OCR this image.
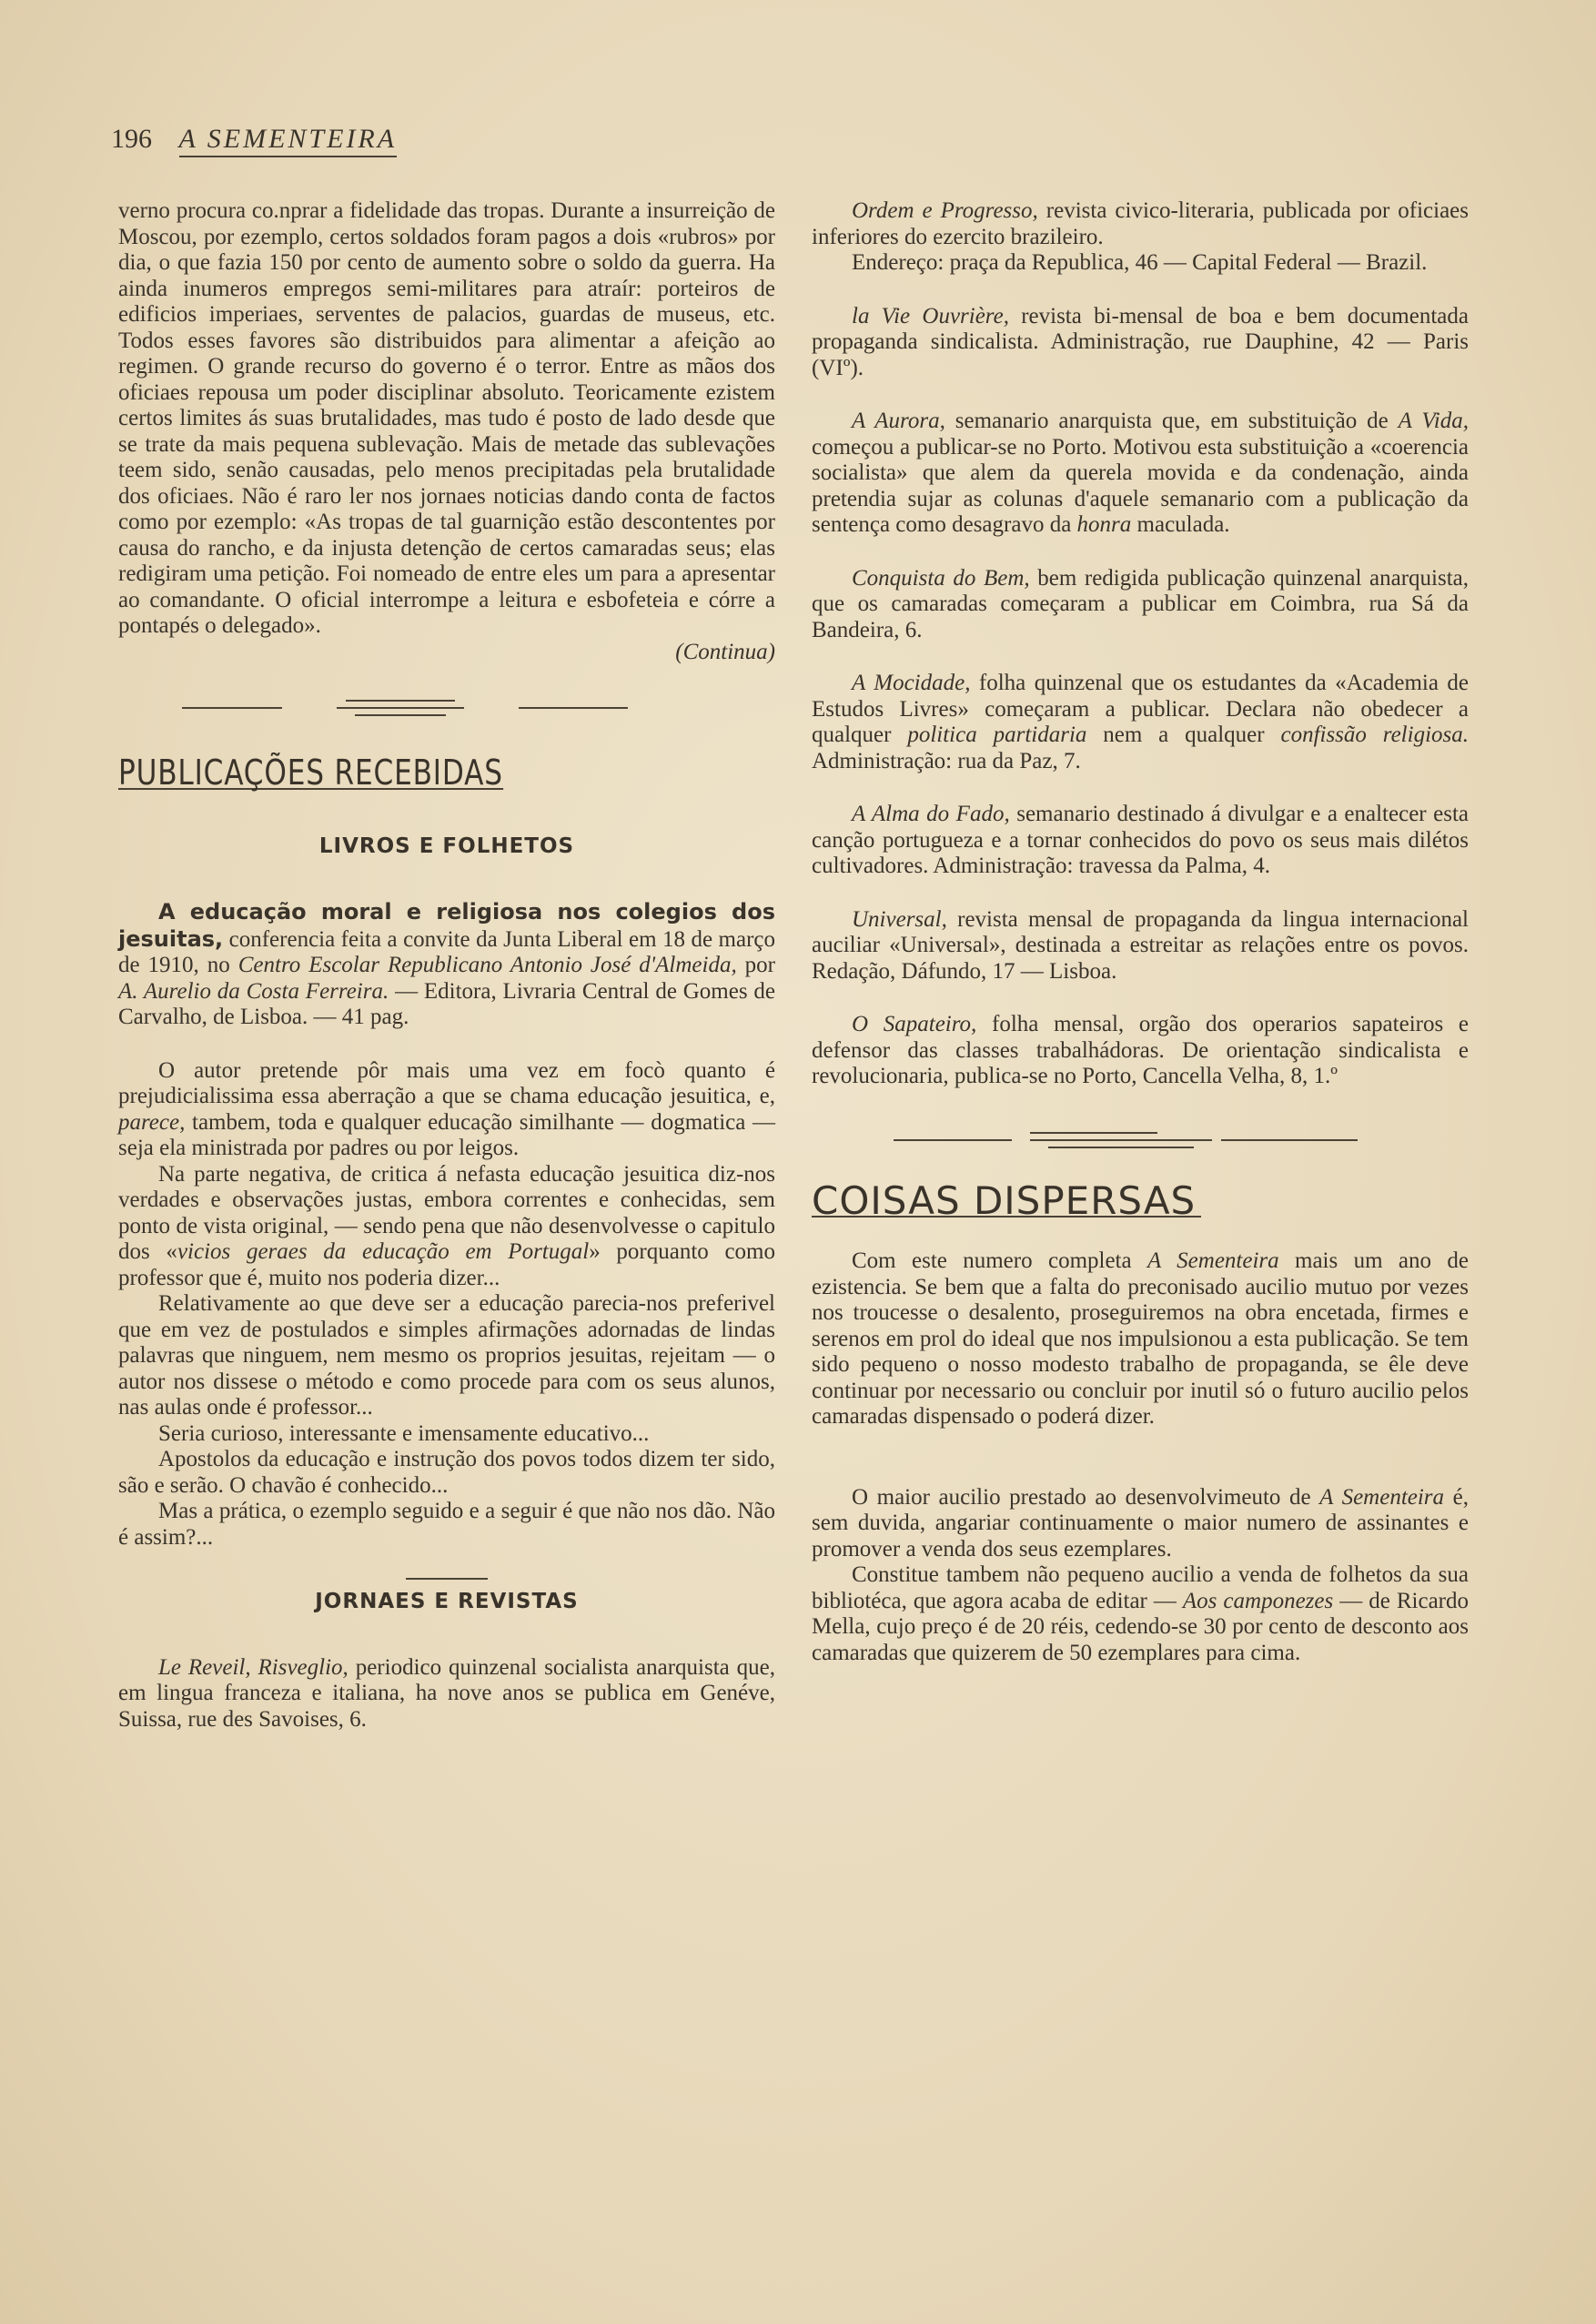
196 A SEMENTEIRA

verno procura co.nprar a fidelidade das tropas. Durante a insurreição de Moscou, por ezemplo, certos soldados foram pagos a dois «rubros» por dia, o que fazia 150 por cento de aumento sobre o soldo da guerra. Ha ainda inumeros empregos semi-militares para atraír: porteiros de edificios imperiaes, serventes de palacios, guardas de museus, etc. Todos esses favores são distribuidos para alimentar a afeição ao regimen. O grande recurso do governo é o terror. Entre as mãos dos oficiaes repousa um poder disciplinar absoluto. Teoricamente ezistem certos limites ás suas brutalidades, mas tudo é posto de lado desde que se trate da mais pequena sublevação. Mais de metade das sublevações teem sido, senão causadas, pelo menos precipitadas pela brutalidade dos oficiaes. Não é raro ler nos jornaes noticias dando conta de factos como por ezemplo: «As tropas de tal guarnição estão descontentes por causa do rancho, e da injusta detenção de certos camaradas seus; elas redigiram uma petição. Foi nomeado de entre eles um para a apresentar ao comandante. O oficial interrompe a leitura e esbofeteia e córre a pontapés o delegado».

(Continua)

PUBLICAÇÕES RECEBIDAS
LIVROS E FOLHETOS

A educação moral e religiosa nos colegios dos jesuitas, conferencia feita a convite da Junta Liberal em 18 de março de 1910, no Centro Escolar Republicano Antonio José d'Almeida, por A. Aurelio da Costa Ferreira. — Editora, Livraria Central de Gomes de Carvalho, de Lisboa. — 41 pag.

O autor pretende pôr mais uma vez em focò quanto é prejudicialissima essa aberração a que se chama educação jesuitica, e, parece, tambem, toda e qualquer educação similhante — dogmatica — seja ela ministrada por padres ou por leigos.

Na parte negativa, de critica á nefasta educação jesuitica diz-nos verdades e observações justas, embora correntes e conhecidas, sem ponto de vista original, — sendo pena que não desenvolvesse o capitulo dos «vicios geraes da educação em Portugal» porquanto como professor que é, muito nos poderia dizer...

Relativamente ao que deve ser a educação parecia-nos preferivel que em vez de postulados e simples afirmações adornadas de lindas palavras que ninguem, nem mesmo os proprios jesuitas, rejeitam — o autor nos dissese o método e como procede para com os seus alunos, nas aulas onde é professor...

Seria curioso, interessante e imensamente educativo...

Apostolos da educação e instrução dos povos todos dizem ter sido, são e serão. O chavão é conhecido...

Mas a prática, o ezemplo seguido e a seguir é que não nos dão. Não é assim?...

JORNAES E REVISTAS

Le Reveil, Risveglio, periodico quinzenal socialista anarquista que, em lingua franceza e italiana, ha nove anos se publica em Genéve, Suissa, rue des Savoises, 6.

Ordem e Progresso, revista civico-literaria, publicada por oficiaes inferiores do ezercito brazileiro.

Endereço: praça da Republica, 46 — Capital Federal — Brazil.

la Vie Ouvrière, revista bi-mensal de boa e bem documentada propaganda sindicalista. Administração, rue Dauphine, 42 — Paris (VIº).

A Aurora, semanario anarquista que, em substituição de A Vida, começou a publicar-se no Porto. Motivou esta substituição a «coerencia socialista» que alem da querela movida e da condenação, ainda pretendia sujar as colunas d'aquele semanario com a publicação da sentença como desagravo da honra maculada.

Conquista do Bem, bem redigida publicação quinzenal anarquista, que os camaradas começaram a publicar em Coimbra, rua Sá da Bandeira, 6.

A Mocidade, folha quinzenal que os estudantes da «Academia de Estudos Livres» começaram a publicar. Declara não obedecer a qualquer politica partidaria nem a qualquer confissão religiosa. Administração: rua da Paz, 7.

A Alma do Fado, semanario destinado á divulgar e a enaltecer esta canção portugueza e a tornar conhecidos do povo os seus mais dilétos cultivadores. Administração: travessa da Palma, 4.

Universal, revista mensal de propaganda da lingua internacional auciliar «Universal», destinada a estreitar as relações entre os povos. Redação, Dáfundo, 17 — Lisboa.

O Sapateiro, folha mensal, orgão dos operarios sapateiros e defensor das classes trabalhádoras. De orientação sindicalista e revolucionaria, publica-se no Porto, Cancella Velha, 8, 1.º

COISAS DISPERSAS

Com este numero completa A Sementeira mais um ano de ezistencia. Se bem que a falta do preconisado aucilio mutuo por vezes nos troucesse o desalento, proseguiremos na obra encetada, firmes e serenos em prol do ideal que nos impulsionou a esta publicação. Se tem sido pequeno o nosso modesto trabalho de propaganda, se êle deve continuar por necessario ou concluir por inutil só o futuro aucilio pelos camaradas dispensado o poderá dizer.

O maior aucilio prestado ao desenvolvimeuto de A Sementeira é, sem duvida, angariar continuamente o maior numero de assinantes e promover a venda dos seus ezemplares.

Constitue tambem não pequeno aucilio a venda de folhetos da sua bibliotéca, que agora acaba de editar — Aos camponezes — de Ricardo Mella, cujo preço é de 20 réis, cedendo-se 30 por cento de desconto aos camaradas que quizerem de 50 ezemplares para cima.
